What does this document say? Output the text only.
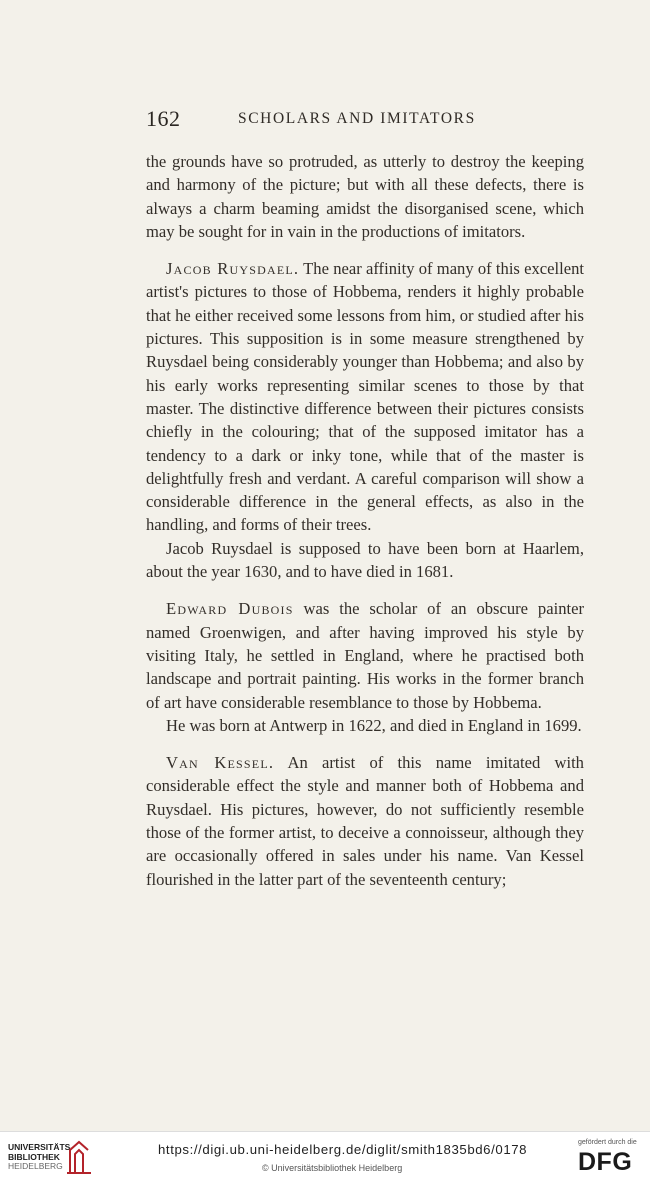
162	SCHOLARS AND IMITATORS

the grounds have so protruded, as utterly to destroy the keeping and harmony of the picture; but with all these defects, there is always a charm beaming amidst the disorganised scene, which may be sought for in vain in the productions of imitators.

Jacob Ruysdael. The near affinity of many of this excellent artist's pictures to those of Hobbema, renders it highly probable that he either received some lessons from him, or studied after his pictures. This supposition is in some measure strengthened by Ruysdael being considerably younger than Hobbema; and also by his early works representing similar scenes to those by that master. The distinctive difference between their pictures consists chiefly in the colouring; that of the supposed imitator has a tendency to a dark or inky tone, while that of the master is delightfully fresh and verdant. A careful comparison will show a considerable difference in the general effects, as also in the handling, and forms of their trees.

Jacob Ruysdael is supposed to have been born at Haarlem, about the year 1630, and to have died in 1681.

Edward Dubois was the scholar of an obscure painter named Groenwigen, and after having improved his style by visiting Italy, he settled in England, where he practised both landscape and portrait painting. His works in the former branch of art have considerable resemblance to those by Hobbema.

He was born at Antwerp in 1622, and died in England in 1699.

Van Kessel. An artist of this name imitated with considerable effect the style and manner both of Hobbema and Ruysdael. His pictures, however, do not sufficiently resemble those of the former artist, to deceive a connoisseur, although they are occasionally offered in sales under his name. Van Kessel flourished in the latter part of the seventeenth century;

UNIVERSITÄTS-
BIBLIOTHEK
HEIDELBERG
https://digi.ub.uni-heidelberg.de/diglit/smith1835bd6/0178
© Universitätsbibliothek Heidelberg
gefördert durch die
DFG
